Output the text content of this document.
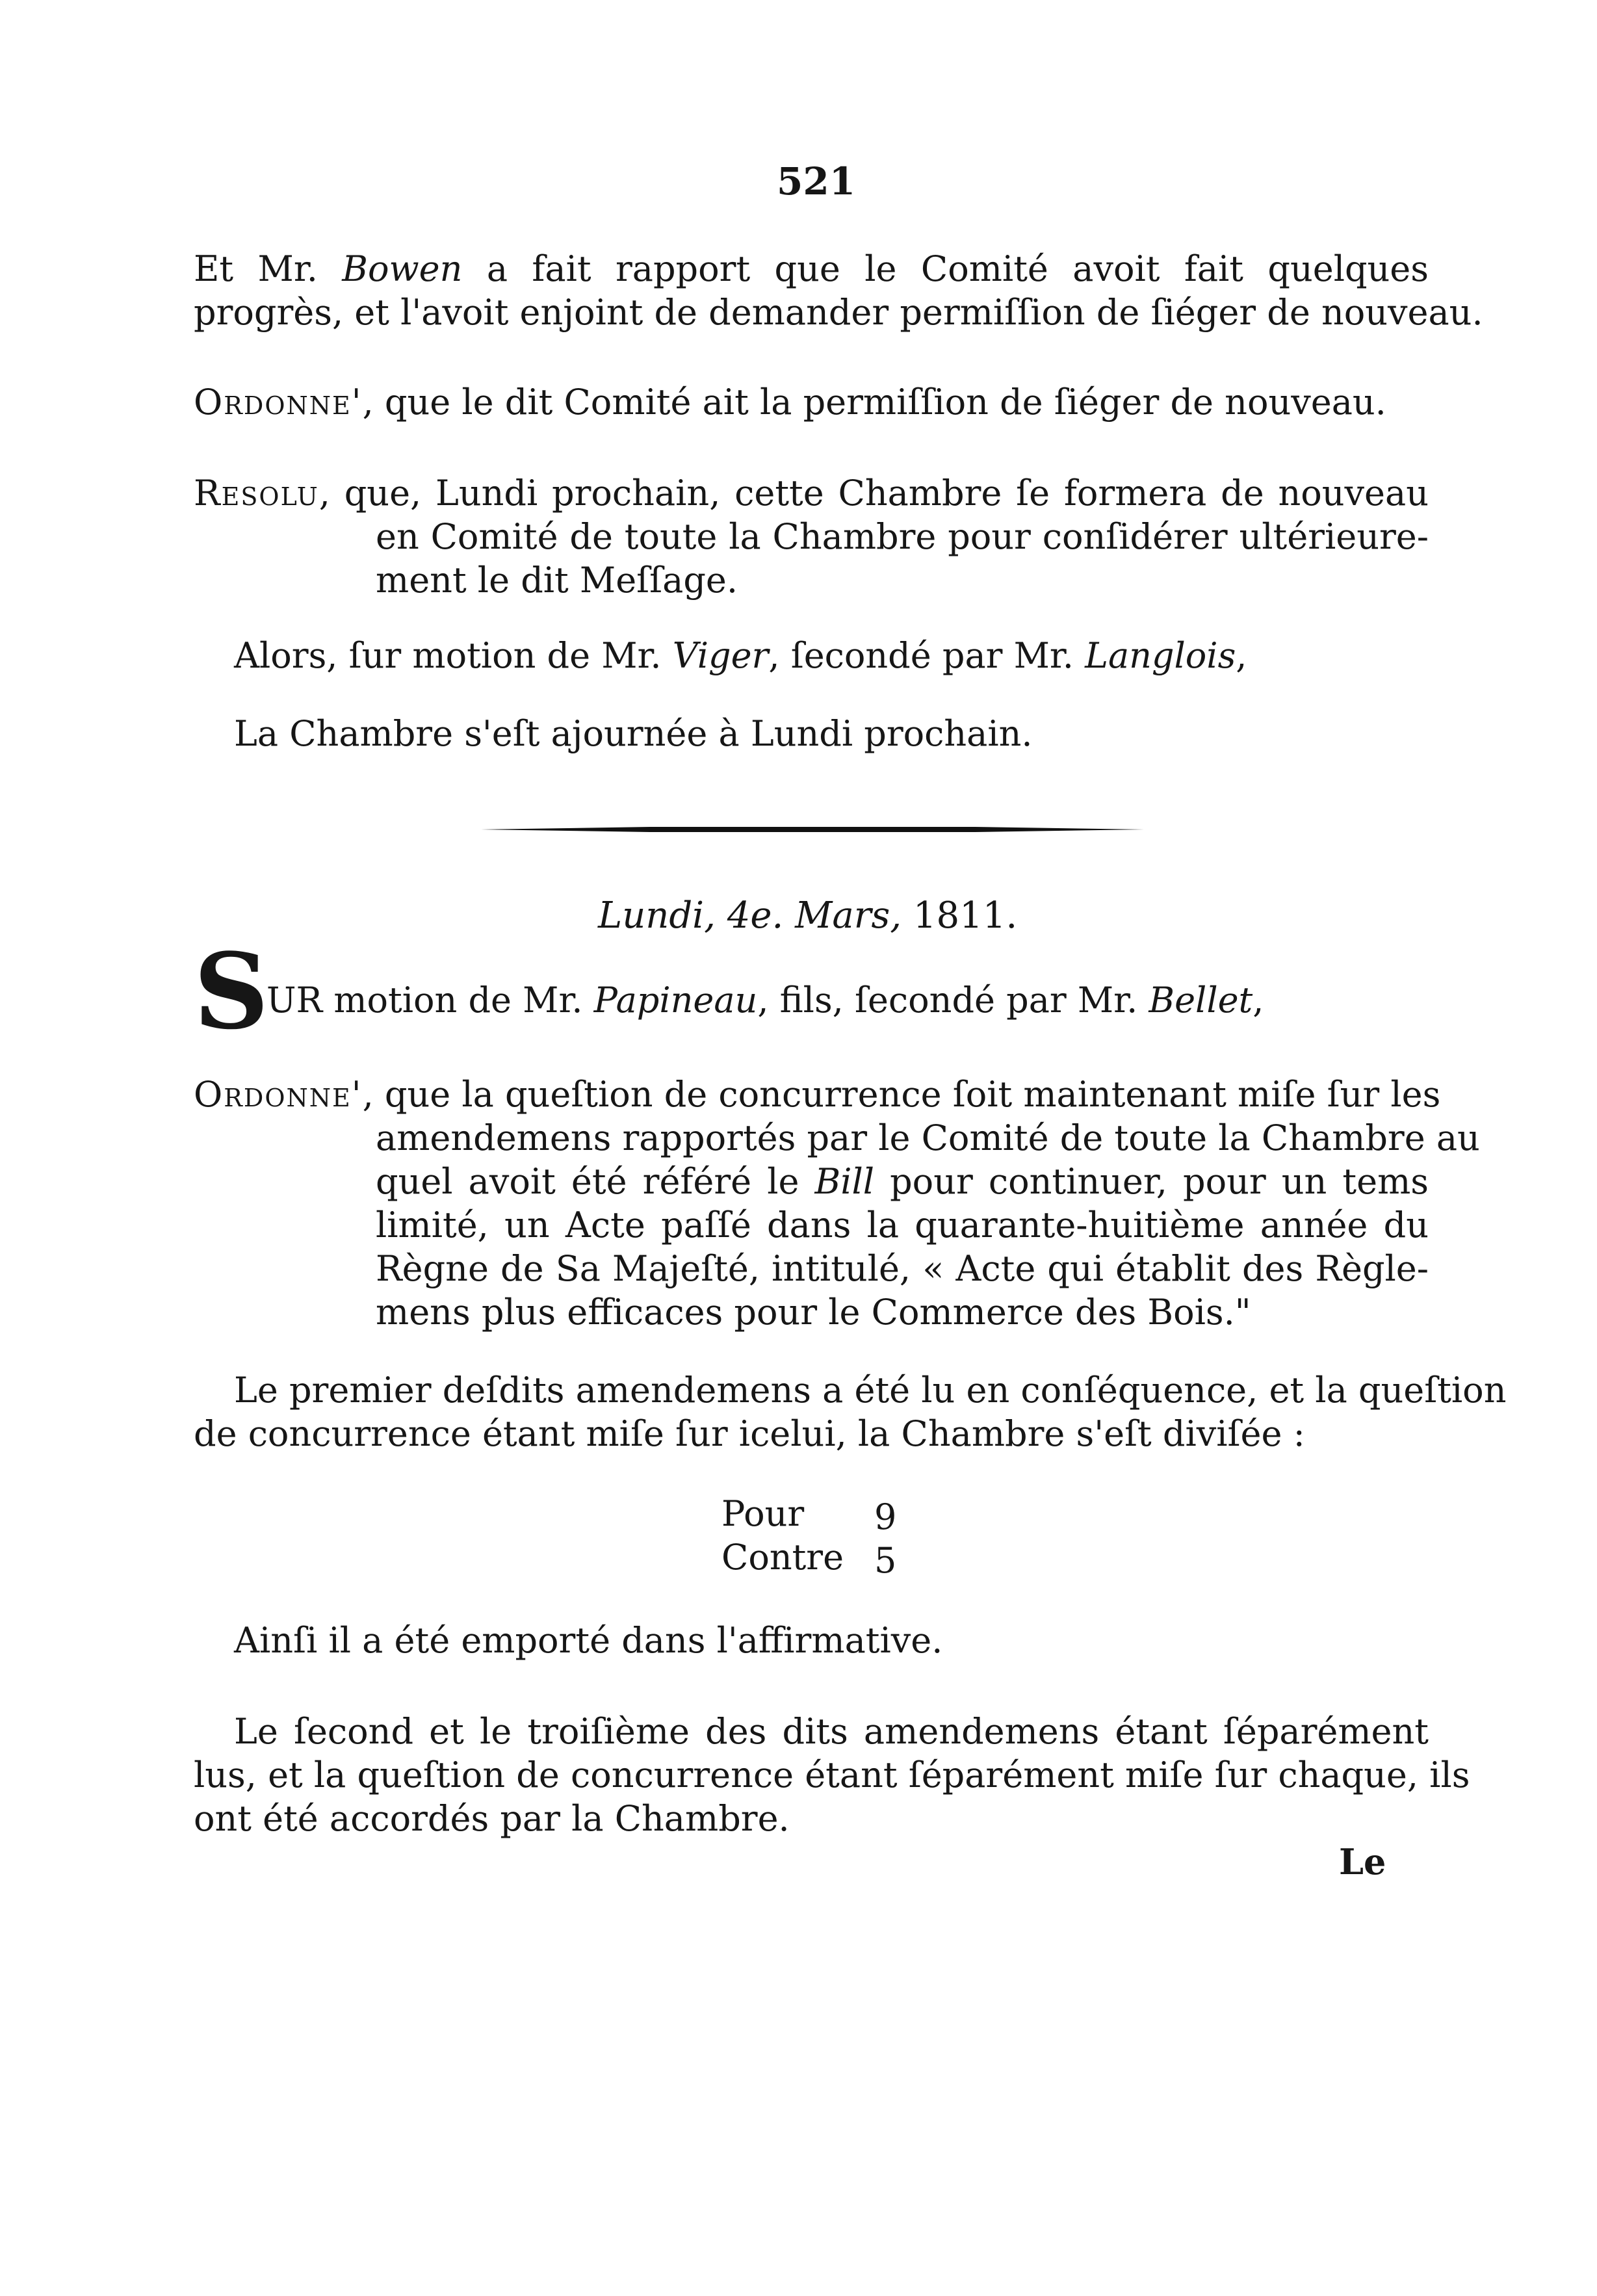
521
Et Mr. Bowen a fait rapport que le Comité avoit fait quelques
progrès, et l'avoit enjoint de demander permiſſion de ſiéger de nouveau.
Ordonne', que le dit Comité ait la permiſſion de ſiéger de nouveau.
Resolu, que, Lundi prochain, cette Chambre ſe formera de nouveau
en Comité de toute la Chambre pour conſidérer ultérieure-
ment le dit Meſſage.
Alors, ſur motion de Mr. Viger, ſecondé par Mr. Langlois,
La Chambre s'eſt ajournée à Lundi prochain.
Lundi, 4e. Mars, 1811.
S
UR motion de Mr. Papineau, fils, ſecondé par Mr. Bellet,
Ordonne', que la queſtion de concurrence ſoit maintenant miſe ſur les
amendemens rapportés par le Comité de toute la Chambre au
quel avoit été référé le Bill pour continuer, pour un tems
limité, un Acte paſſé dans la quarante-huitième année du
Règne de Sa Majeſté, intitulé, « Acte qui établit des Règle-
mens plus efficaces pour le Commerce des Bois."
Le premier deſdits amendemens a été lu en conſéquence, et la queſtion
de concurrence étant miſe ſur icelui, la Chambre s'eſt diviſée :
Pour 9
Contre 5
Ainſi il a été emporté dans l'affirmative.
Le ſecond et le troiſième des dits amendemens étant ſéparément
lus, et la queſtion de concurrence étant ſéparément miſe ſur chaque, ils
ont été accordés par la Chambre.
Le
